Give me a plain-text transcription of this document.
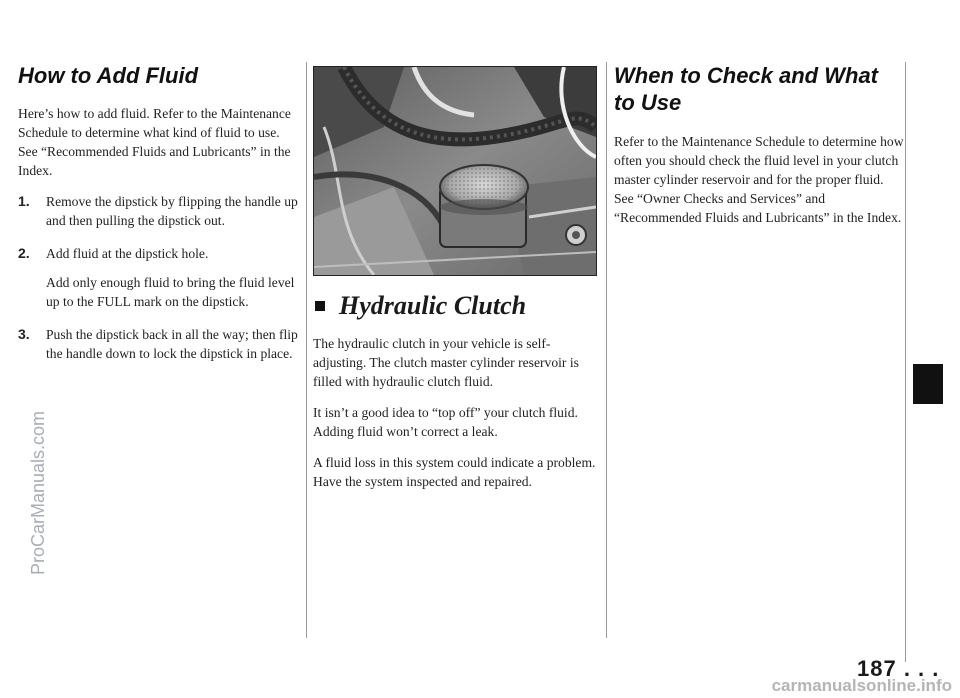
How to Add Fluid

Here’s how to add fluid. Refer to the Maintenance Schedule to determine what kind of fluid to use. See “Recommended Fluids and Lubricants” in the Index.

1. Remove the dipstick by flipping the handle up and then pulling the dipstick out.
2. Add fluid at the dipstick hole.
Add only enough fluid to bring the fluid level up to the FULL mark on the dipstick.
3. Push the dipstick back in all the way; then flip the handle down to lock the dipstick in place.
Hydraulic Clutch

The hydraulic clutch in your vehicle is self-adjusting. The clutch master cylinder reservoir is filled with hydraulic clutch fluid.

It isn’t a good idea to “top off” your clutch fluid. Adding fluid won’t correct a leak.

A fluid loss in this system could indicate a problem. Have the system inspected and repaired.

When to Check and What to Use

Refer to the Maintenance Schedule to determine how often you should check the fluid level in your clutch master cylinder reservoir and for the proper fluid. See “Owner Checks and Services” and “Recommended Fluids and Lubricants” in the Index.

187 . . .
ProCarManuals.com
carmanualsonline.info
